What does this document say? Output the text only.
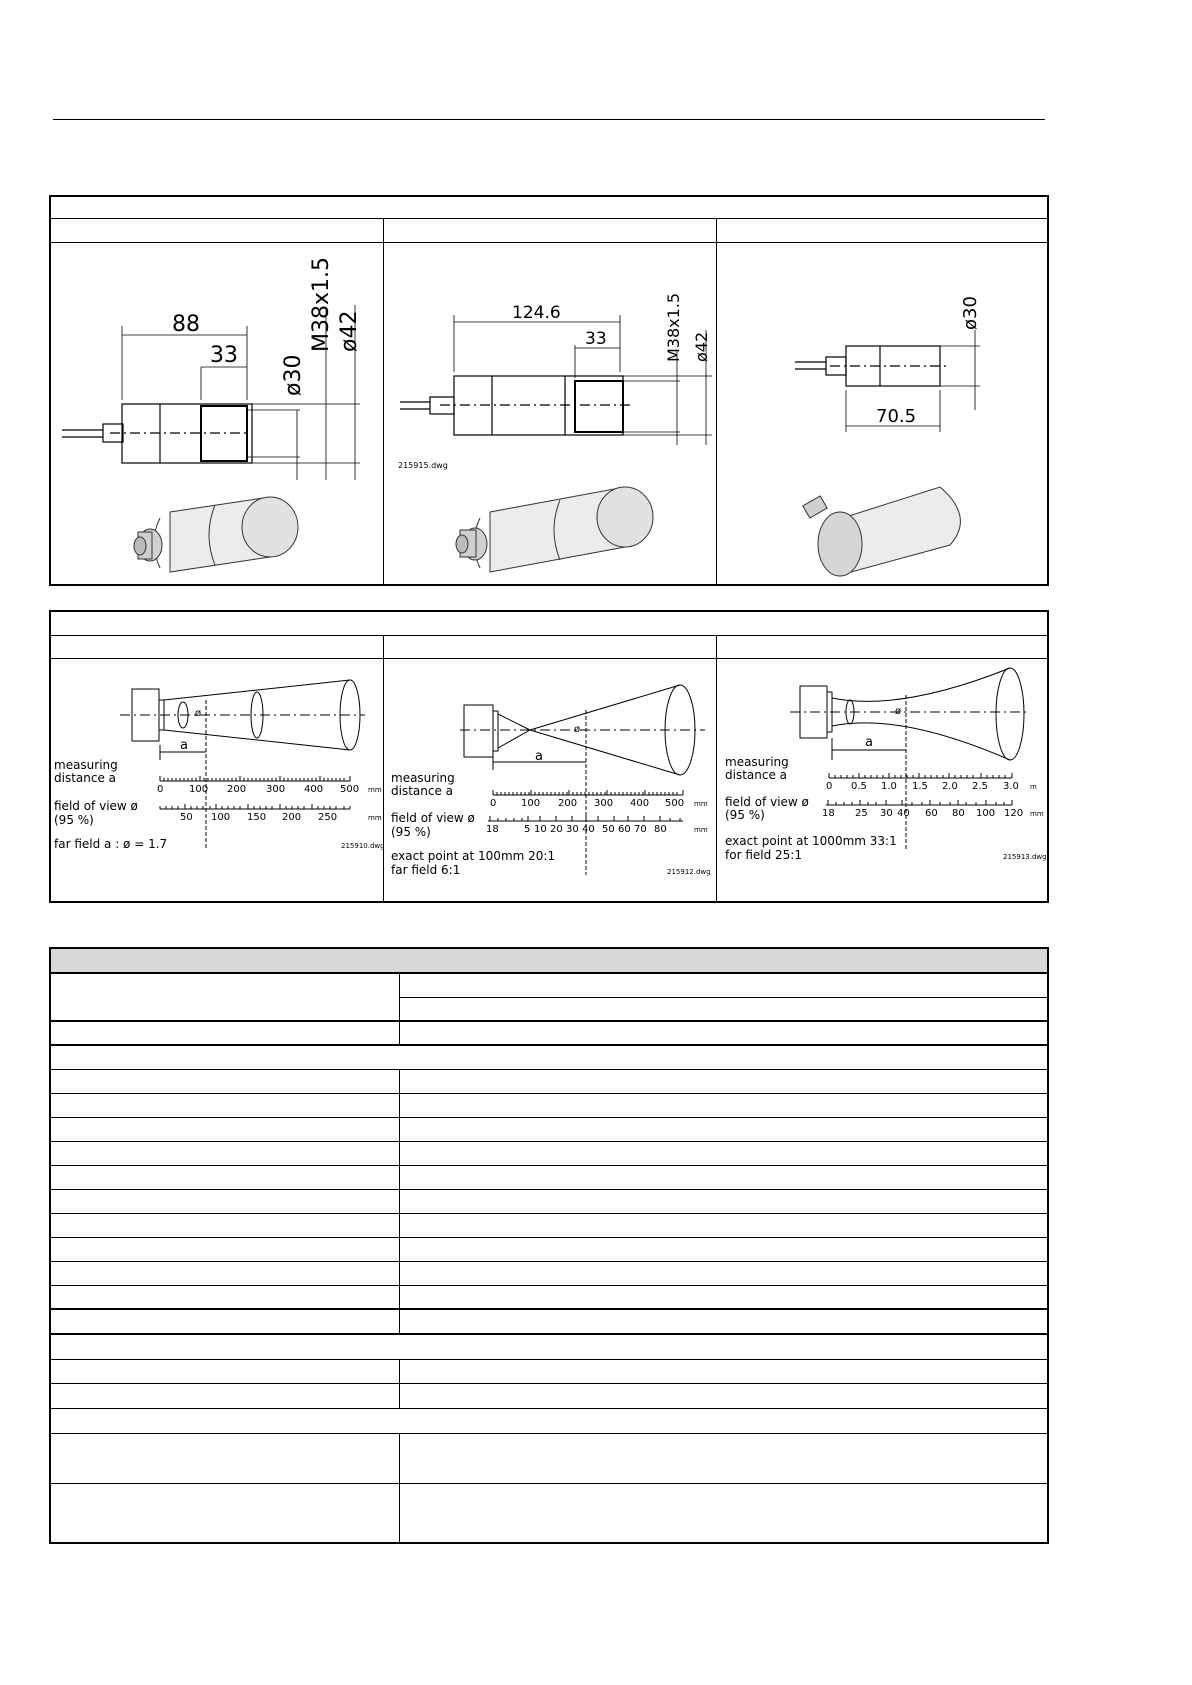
88
33 ø30
M38x1.5 ø42	124.6
33	M38x1.5 ø42
215915.dwg
ø30
70.5
a
ø
measuring
distance a
0	100 200 300 400 500 mm
field of view ø
(95 %)	50 100 150 200 250	mm
far field a : ø = 1.7	215910.dwg
a
ø
measuring
distance a
0 100 200 300 400 500 mm
field of view ø
(95 %)	18	5 10 20 30 40 50 60 70 80	mm
exact point at 100mm 20:1
far field 6:1	215912.dwg
a
ø
measuring
distance a
0 0.5 1.0 1.5 2.0 2.5 3.0 m
field of view ø
(95 %)	18 25 30 40 60 80 100 120 mm
exact point at 1000mm 33:1
for field 25:1	215913.dwg
